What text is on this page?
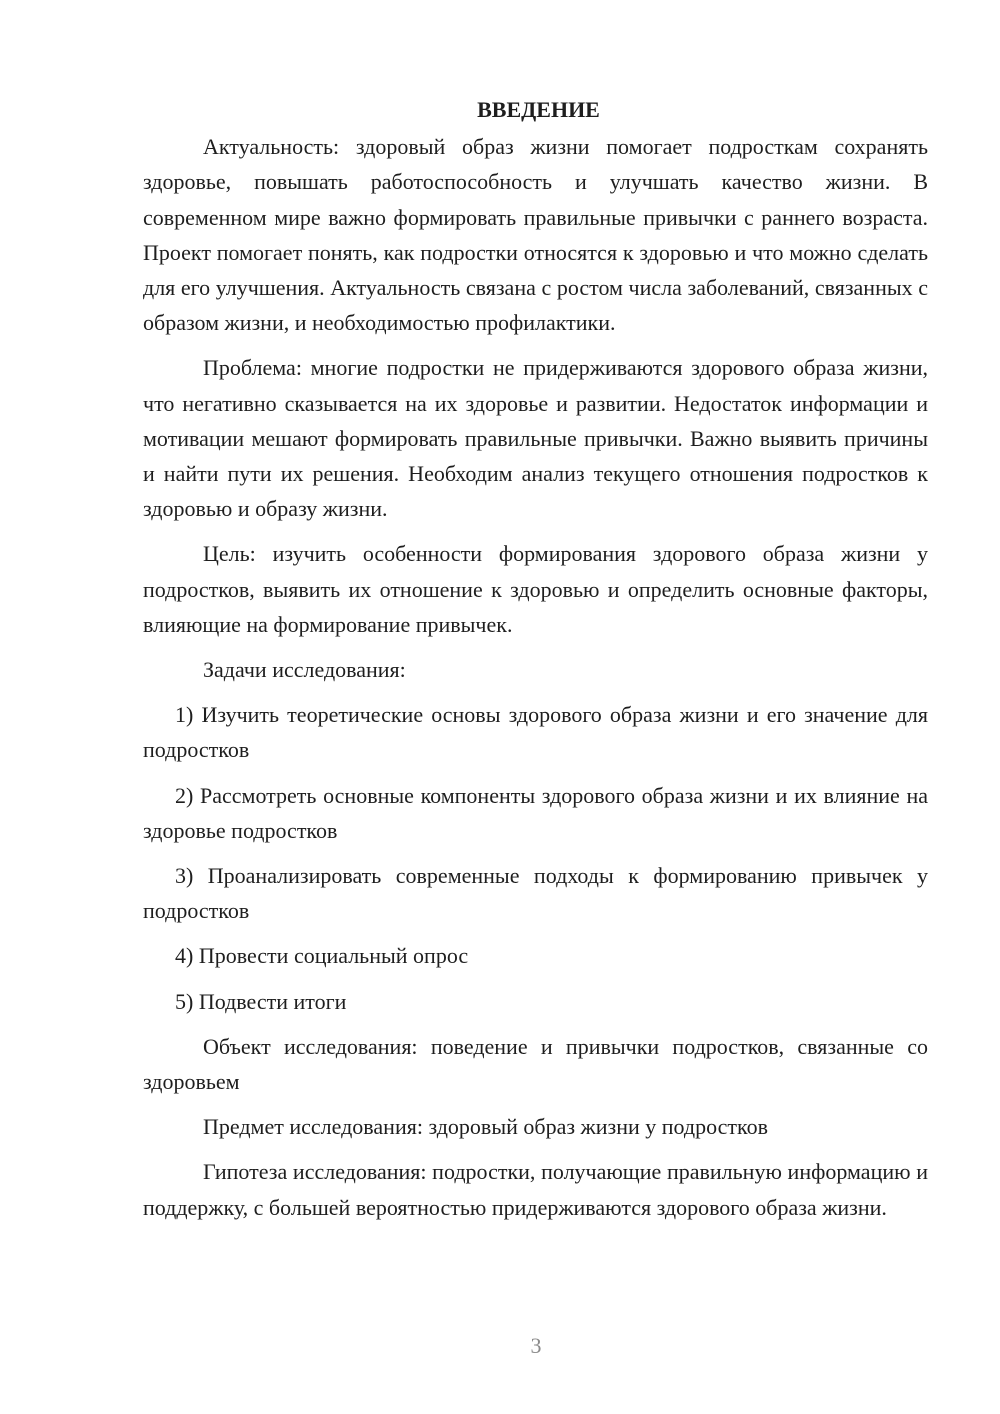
ВВЕДЕНИЕ

Актуальность: здоровый образ жизни помогает подросткам сохранять здоровье, повышать работоспособность и улучшать качество жизни. В современном мире важно формировать правильные привычки с раннего возраста. Проект помогает понять, как подростки относятся к здоровью и что можно сделать для его улучшения. Актуальность связана с ростом числа заболеваний, связанных с образом жизни, и необходимостью профилактики.

Проблема: многие подростки не придерживаются здорового образа жизни, что негативно сказывается на их здоровье и развитии. Недостаток информации и мотивации мешают формировать правильные привычки. Важно выявить причины и найти пути их решения. Необходим анализ текущего отношения подростков к здоровью и образу жизни.

Цель: изучить особенности формирования здорового образа жизни у подростков, выявить их отношение к здоровью и определить основные факторы, влияющие на формирование привычек.

Задачи исследования:

1) Изучить теоретические основы здорового образа жизни и его значение для подростков

2) Рассмотреть основные компоненты здорового образа жизни и их влияние на здоровье подростков

3) Проанализировать современные подходы к формированию привычек у подростков

4) Провести социальный опрос

5) Подвести итоги

Объект исследования: поведение и привычки подростков, связанные со здоровьем

Предмет исследования: здоровый образ жизни у подростков

Гипотеза исследования: подростки, получающие правильную информацию и поддержку, с большей вероятностью придерживаются здорового образа жизни.

3
